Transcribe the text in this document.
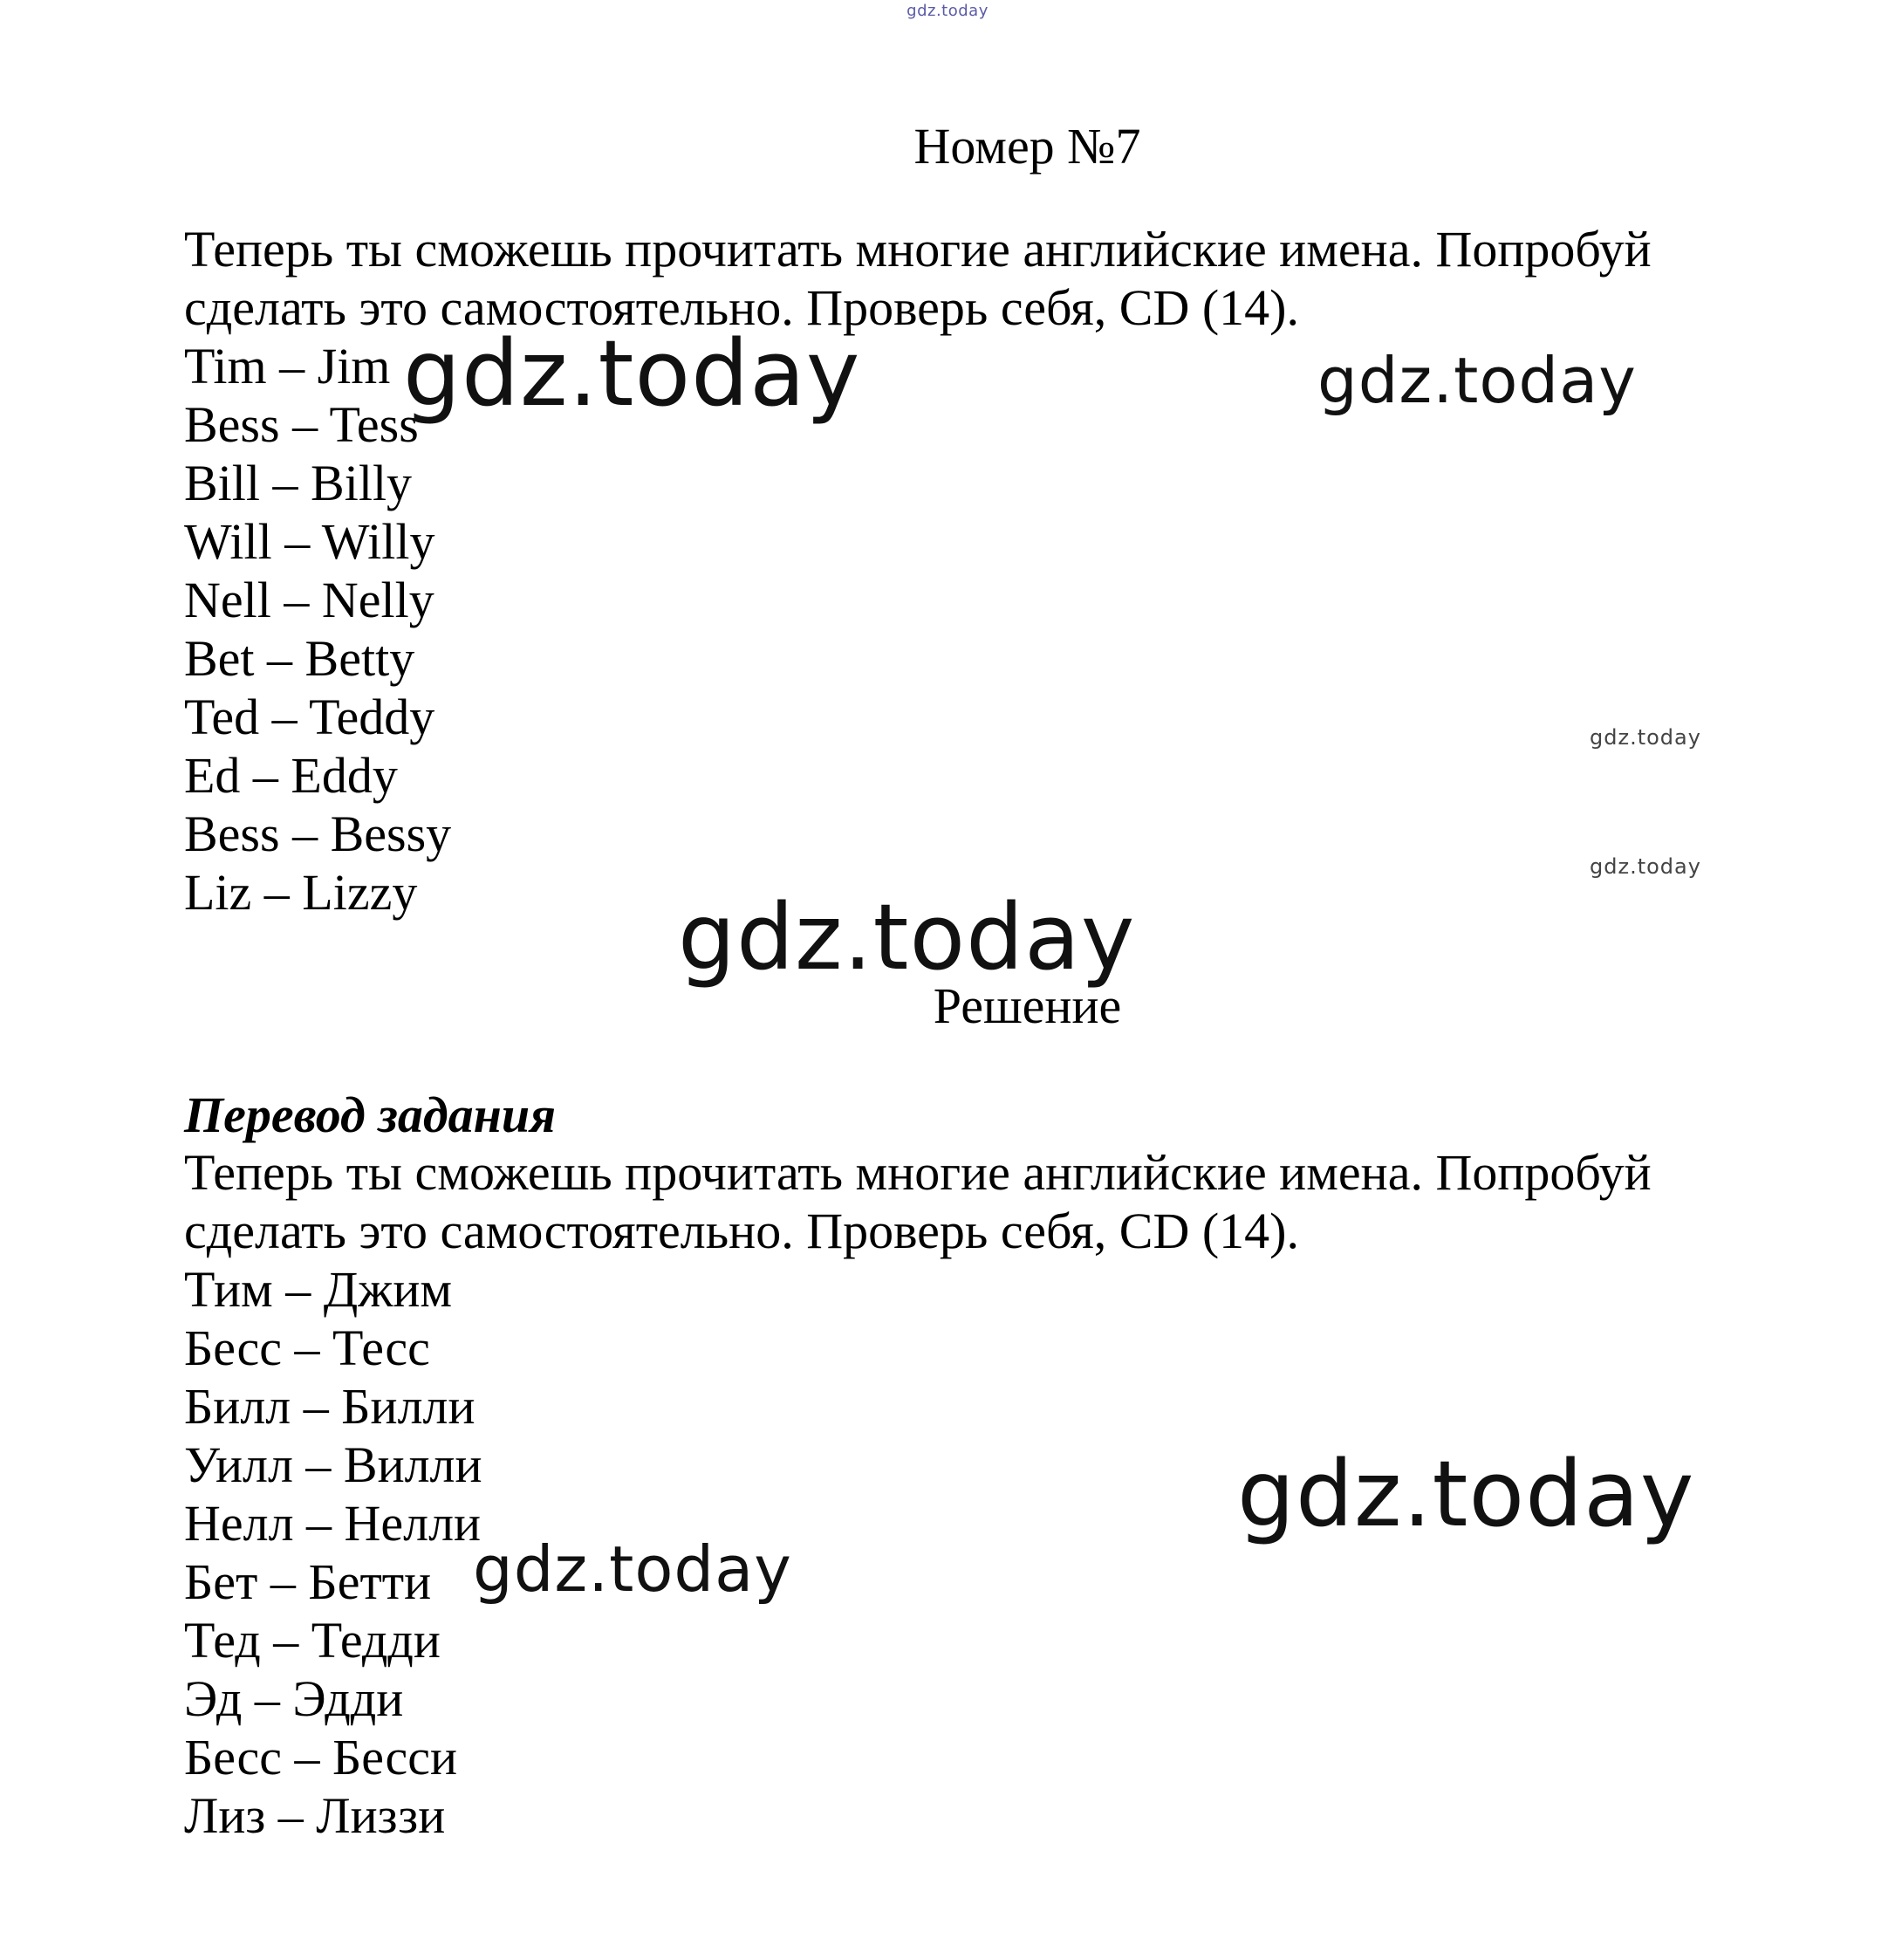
gdz.today
Номер №7

Теперь ты сможешь прочитать многие английские имена. Попробуй

сделать это самостоятельно. Проверь себя, CD (14).

Tim – Jim

Bess – Tess

Bill – Billy

Will – Willy

Nell – Nelly

Bet – Betty

Ted – Teddy

Ed – Eddy

Bess – Bessy

Liz – Lizzy

Решение
Перевод задания

Теперь ты сможешь прочитать многие английские имена. Попробуй

сделать это самостоятельно. Проверь себя, CD (14).

Тим – Джим

Бесс – Тесс

Билл – Билли

Уилл – Вилли

Нелл – Нелли

Бет – Бетти

Тед – Тедди

Эд – Эдди

Бесс – Бесси

Лиз – Лиззи

gdz.today	gdz.today
gdz.today
gdz.today
gdz.today
gdz.today
gdz.today
